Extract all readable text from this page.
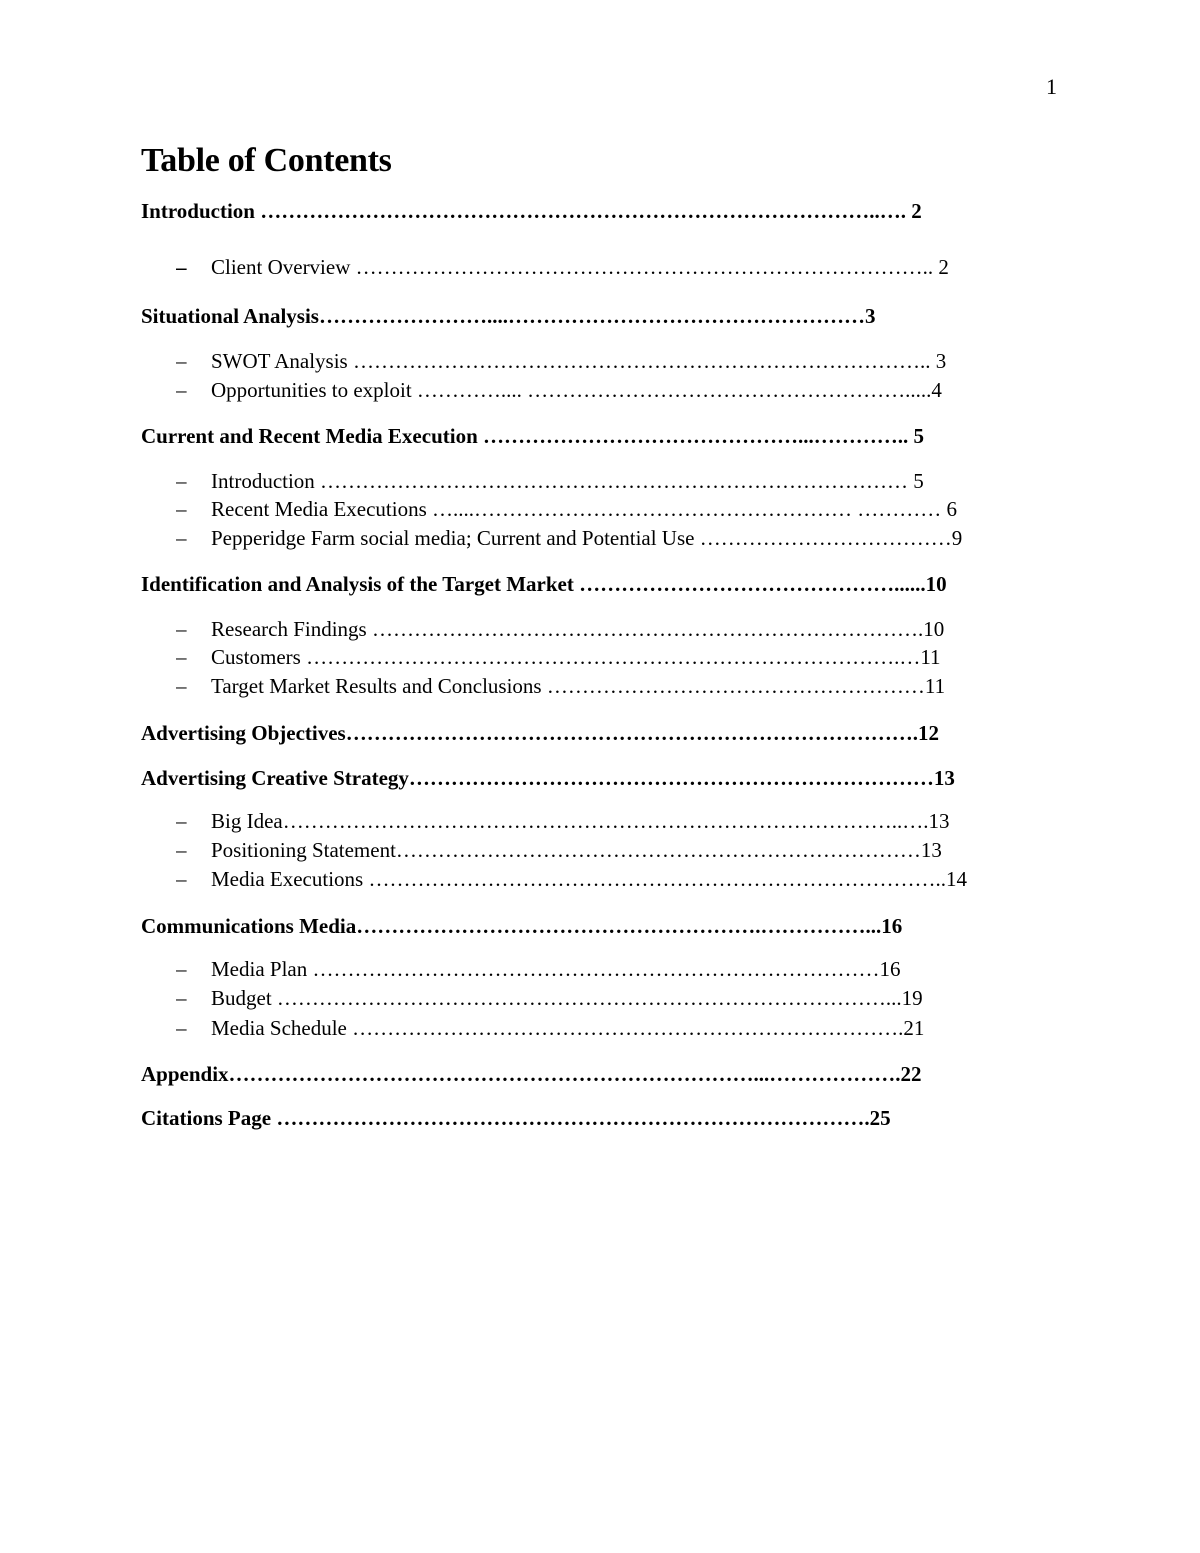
1
Table of Contents
Introduction ……………………………………………………………………………..…. 2
– Client Overview ……………………………………………………………………….. 2
Situational Analysis……………………....……………………………………………3
– SWOT Analysis ……………………………………………………………………….. 3
– Opportunities to exploit ………….... ……………………………………………….....4
Current and Recent Media Execution ………………………………………...………….. 5
– Introduction ………………………………………………………………………… 5
– Recent Media Executions …....……………………………………………… ………… 6
– Pepperidge Farm social media; Current and Potential Use ………………………………9
Identification and Analysis of the Target Market ………………………………………......10
– Research Findings …………………………………………………………………….10
– Customers ………………………………………………………………………….…11
– Target Market Results and Conclusions ………………………………………………11
Advertising Objectives……………………………………………………………………….12
Advertising Creative Strategy…………………………………………………………………13
– Big Idea……………………………………………………………………………..….13
– Positioning Statement…………………………………………………………………13
– Media Executions ………………………………………………………………………..14
Communications Media………………………………………………….……………...16
– Media Plan ………………………………………………………………………16
– Budget ……………………………………………………………………………...19
– Media Schedule …………………………………………………………………….21
Appendix…………………………………………………………………...……………….22
Citations Page ………………………………………………………………………….25
